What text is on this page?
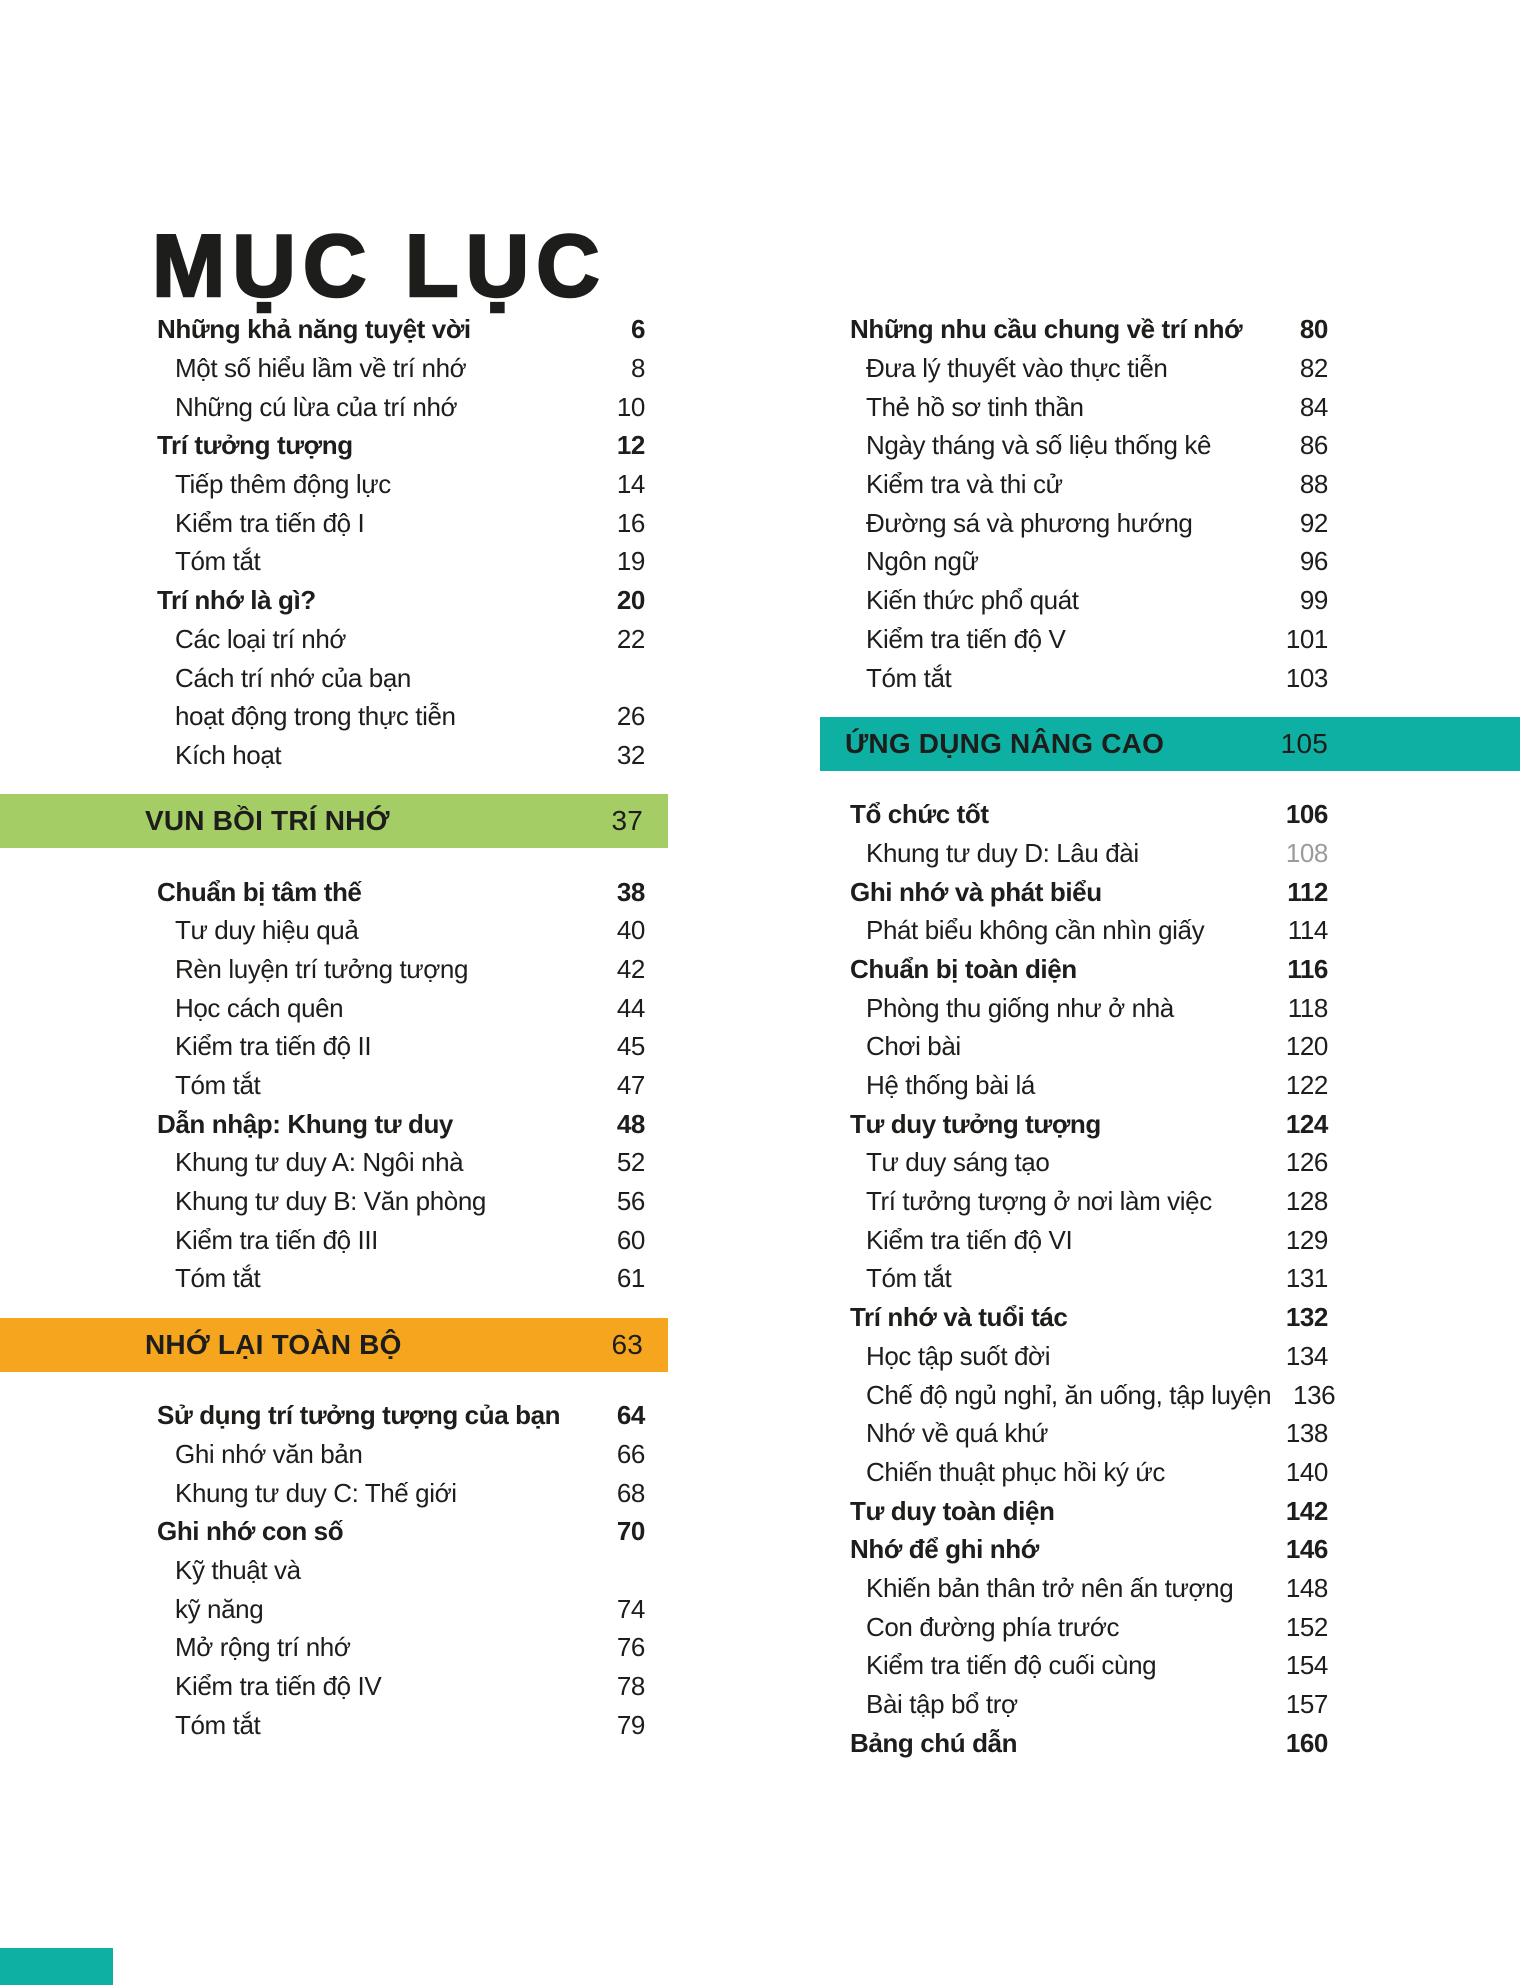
MỤC LỤC
Những khả năng tuyệt vời	6
Một số hiểu lầm về trí nhớ	8
Những cú lừa của trí nhớ	10
Trí tưởng tượng	12
Tiếp thêm động lực	14
Kiểm tra tiến độ I	16
Tóm tắt	19
Trí nhớ là gì?	20
Các loại trí nhớ	22
Cách trí nhớ của bạn
hoạt động trong thực tiễn	26
Kích hoạt	32
VUN BỒI TRÍ NHỚ	37
Chuẩn bị tâm thế	38
Tư duy hiệu quả	40
Rèn luyện trí tưởng tượng	42
Học cách quên	44
Kiểm tra tiến độ II	45
Tóm tắt	47
Dẫn nhập: Khung tư duy	48
Khung tư duy A: Ngôi nhà	52
Khung tư duy B: Văn phòng	56
Kiểm tra tiến độ III	60
Tóm tắt	61
NHỚ LẠI TOÀN BỘ	63
Sử dụng trí tưởng tượng của bạn	64
Ghi nhớ văn bản	66
Khung tư duy C: Thế giới	68
Ghi nhớ con số	70
Kỹ thuật và
kỹ năng	74
Mở rộng trí nhớ	76
Kiểm tra tiến độ IV	78
Tóm tắt	79
Những nhu cầu chung về trí nhớ	80
Đưa lý thuyết vào thực tiễn	82
Thẻ hồ sơ tinh thần	84
Ngày tháng và số liệu thống kê	86
Kiểm tra và thi cử	88
Đường sá và phương hướng	92
Ngôn ngữ	96
Kiến thức phổ quát	99
Kiểm tra tiến độ V	101
Tóm tắt	103
ỨNG DỤNG NÂNG CAO	105
Tổ chức tốt	106
Khung tư duy D: Lâu đài	108
Ghi nhớ và phát biểu	112
Phát biểu không cần nhìn giấy	114
Chuẩn bị toàn diện	116
Phòng thu giống như ở nhà	118
Chơi bài	120
Hệ thống bài lá	122
Tư duy tưởng tượng	124
Tư duy sáng tạo	126
Trí tưởng tượng ở nơi làm việc	128
Kiểm tra tiến độ VI	129
Tóm tắt	131
Trí nhớ và tuổi tác	132
Học tập suốt đời	134
Chế độ ngủ nghỉ, ăn uống, tập luyện 136
Nhớ về quá khứ	138
Chiến thuật phục hồi ký ức	140
Tư duy toàn diện	142
Nhớ để ghi nhớ	146
Khiến bản thân trở nên ấn tượng	148
Con đường phía trước	152
Kiểm tra tiến độ cuối cùng	154
Bài tập bổ trợ	157
Bảng chú dẫn	160
